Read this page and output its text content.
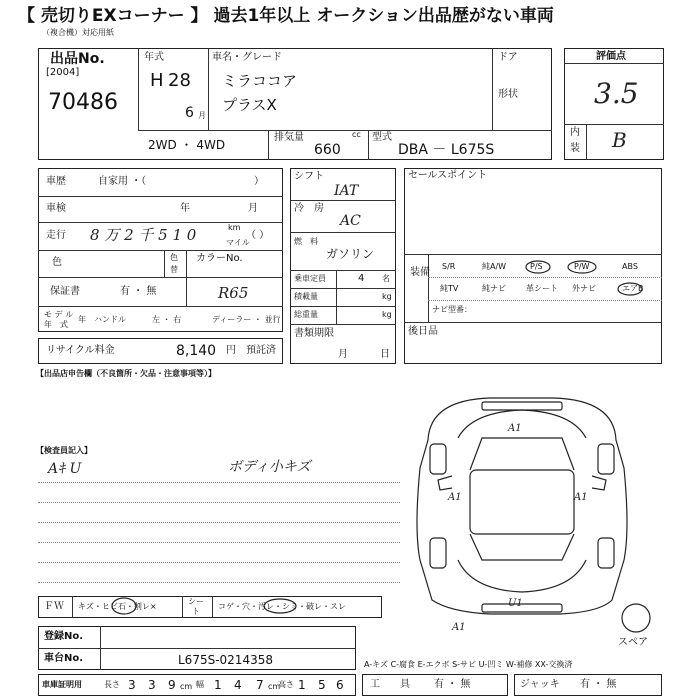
【 売切りEXコーナー 】 過去1年以上 オークション出品歴がない車両
（複合機）対応用紙
出品No.
[2004]
70486
年式
H 28
6 月
車名・グレード
ミラココア
プラスX
ドア
形状
2WD ・ 4WD
排気量	cc
660
型式
DBA － L675S
評価点
3.5
内
装 B
車歴	自家用 ・（	）
車検	年	月
走行 8 万 2 千 5 1 0	km
マイル
（ ）
色	色
替
カラーNo.
R65
保証書	有 ・ 無
モ デ ル
年　式
年 ハンドル	左 ・ 右	ディーラー ・ 並行
リサイクル料金	8,140 円 預託済
シフト
IAT
冷　房
AC
燃　料
ガソリン
乗車定員	4 名
積載量	kg
総重量	kg
書類期限
月	日
セールスポイント
装備
S/R	純A/W	P/S	P/W	ABS
純TV	純ナビ	革シート 外ナビ	エアB
ナビ型番：
後日品
【出品店申告欄（不良箇所・欠品・注意事項等）】
【検査員記入】
Aｷ U	ボディ小キズ
A1
A1	A1
U1
A1
スペア
ＦＷ キズ・ヒビ石・割レ×
シー
ト
コゲ・穴・汚レ・シミ・破レ・スレ
登録No.
車台No.	L675S-0214358	A-キズ C-腐食 E-エクボ S-サビ U-凹ミ W-補修 XX-交換済
車庫証明用	長さ 3 3 9 cm 幅 1 4 7 cm
高さ 1 5 6	工　　具 有 ・ 無	ジャッキ 有 ・ 無
